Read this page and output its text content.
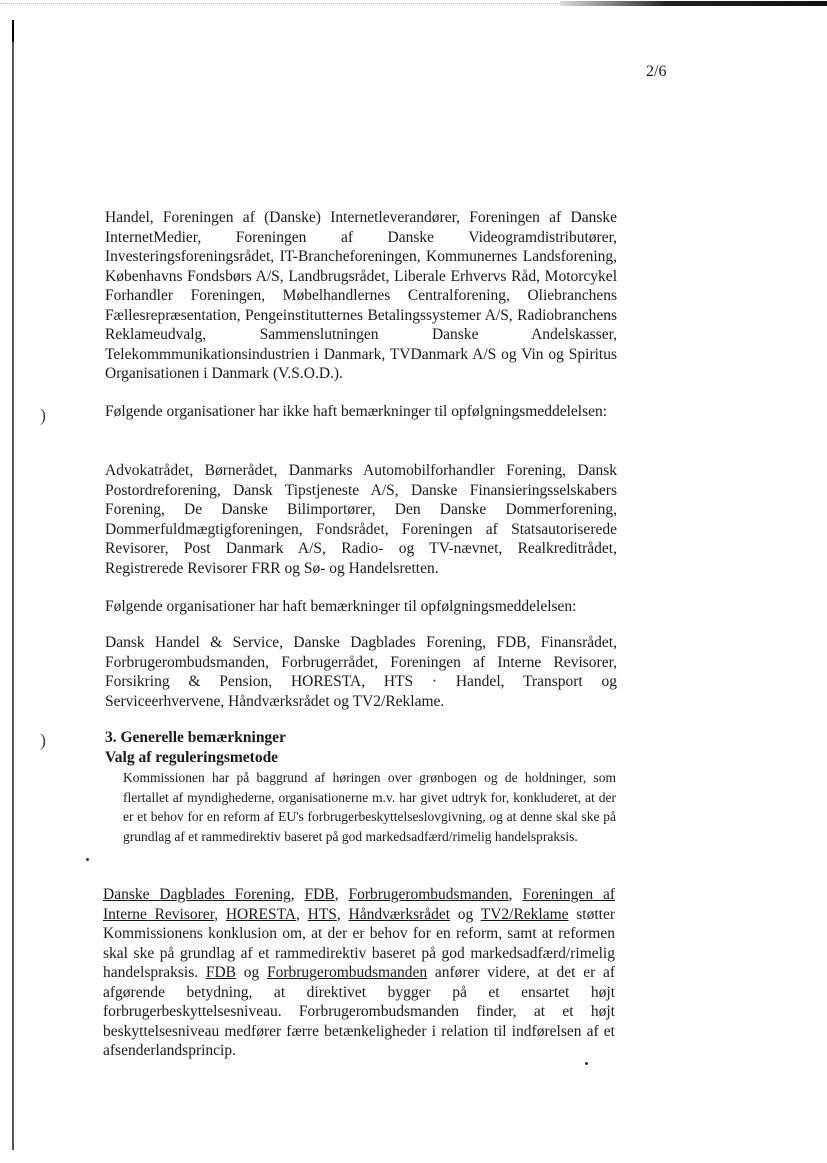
)
)
2/6

Handel, Foreningen af (Danske) Internetleverandører, Foreningen af Danske InternetMedier, Foreningen af Danske Videogramdistributører, Investeringsforeningsrådet, IT-Brancheforeningen, Kommunernes Landsforening, Københavns Fondsbørs A/S, Landbrugsrådet, Liberale Erhvervs Råd, Motorcykel Forhandler Foreningen, Møbelhandlernes Centralforening, Oliebranchens Fællesrepræsentation, Pengeinstitutternes Betalingssystemer A/S, Radiobranchens Reklameudvalg, Sammenslutningen Danske Andelskasser, Telekommmunikationsindustrien i Danmark, TVDanmark A/S og Vin og Spiritus Organisationen i Danmark (V.S.O.D.).

Følgende organisationer har ikke haft bemærkninger til opfølgningsmeddelelsen:

Advokatrådet, Børnerådet, Danmarks Automobilforhandler Forening, Dansk Postordreforening, Dansk Tipstjeneste A/S, Danske Finansieringsselskabers Forening, De Danske Bilimportører, Den Danske Dommerforening, Dommerfuldmægtigforeningen, Fondsrådet, Foreningen af Statsautoriserede Revisorer, Post Danmark A/S, Radio- og TV-nævnet, Realkreditrådet, Registrerede Revisorer FRR og Sø- og Handelsretten.

Følgende organisationer har haft bemærkninger til opfølgningsmeddelelsen:

Dansk Handel & Service, Danske Dagblades Forening, FDB, Finansrådet, Forbrugerombudsmanden, Forbrugerrådet, Foreningen af Interne Revisorer, Forsikring & Pension, HORESTA, HTS · Handel, Transport og Serviceerhvervene, Håndværksrådet og TV2/Reklame.

3. Generelle bemærkninger

Valg af reguleringsmetode

Kommissionen har på baggrund af høringen over grønbogen og de holdninger, som flertallet af myndighederne, organisationerne m.v. har givet udtryk for, konkluderet, at der er et behov for en reform af EU's forbrugerbeskyttelseslovgivning, og at denne skal ske på grundlag af et rammedirektiv baseret på god markedsadfærd/rimelig handelspraksis.

Danske Dagblades Forening, FDB, Forbrugerombudsmanden, Foreningen af Interne Revisorer, HORESTA, HTS, Håndværksrådet og TV2/Reklame støtter Kommissionens konklusion om, at der er behov for en reform, samt at reformen skal ske på grundlag af et rammedirektiv baseret på god markedsadfærd/rimelig handelspraksis. FDB og Forbrugerombudsmanden anfører videre, at det er af afgørende betydning, at direktivet bygger på et ensartet højt forbrugerbeskyttelsesniveau. Forbrugerombudsmanden finder, at et højt beskyttelsesniveau medfører færre betænkeligheder i relation til indførelsen af et afsenderlandsprincip.
